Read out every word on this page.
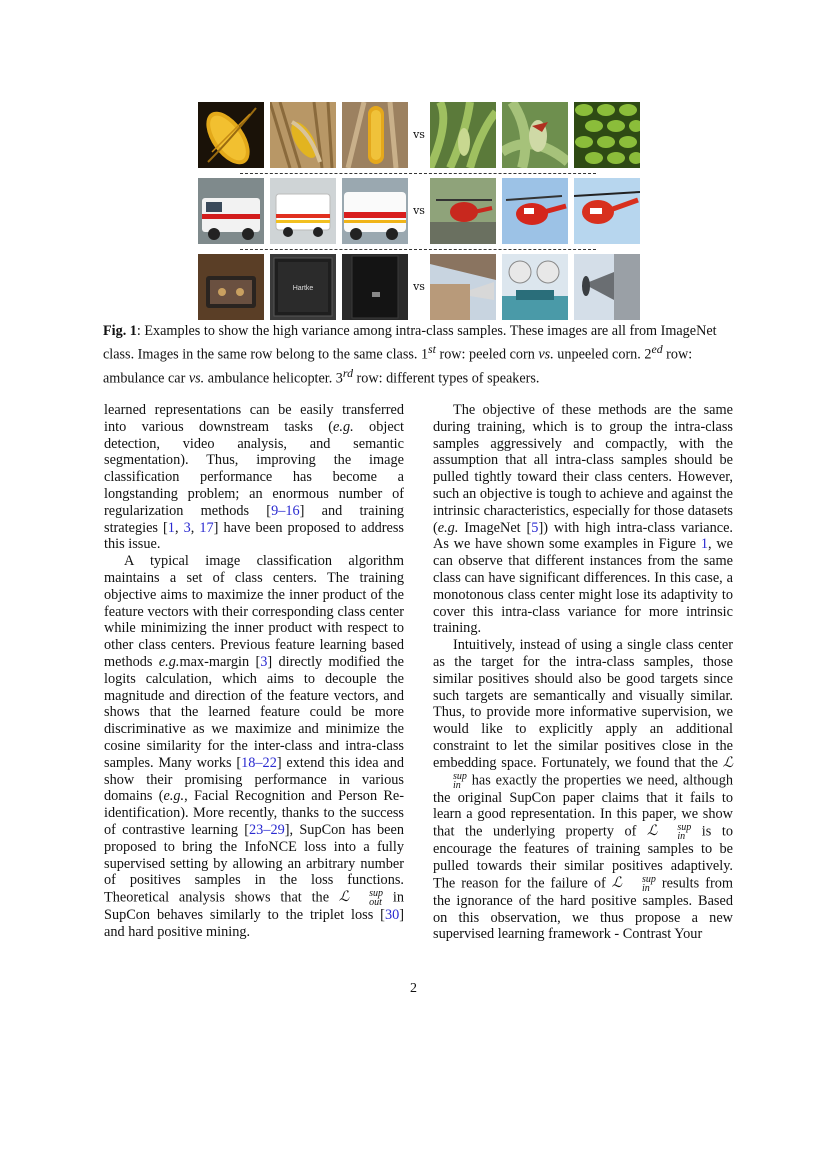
vs
vs
Hartke	vs
Fig. 1: Examples to show the high variance among intra-class samples. These images are all from ImageNet class. Images in the same row belong to the same class. 1st row: peeled corn vs. unpeeled corn. $2^{ed}$ row: ambulance car vs. ambulance helicopter. 3rd row: different types of speakers.

learned representations can be easily transferred into various downstream tasks (e.g. object detection, video analysis, and semantic segmentation). Thus, improving the image classification performance has become a longstanding problem; an enormous number of regularization methods [9–16] and training strategies [1, 3, 17] have been proposed to address this issue.

A typical image classification algorithm maintains a set of class centers. The training objective aims to maximize the inner product of the feature vectors with their corresponding class center while minimizing the inner product with respect to other class centers. Previous feature learning based methods e.g.max-margin [3] directly modified the logits calculation, which aims to decouple the magnitude and direction of the feature vectors, and shows that the learned feature could be more discriminative as we maximize and minimize the cosine similarity for the inter-class and intra-class samples. Many works [18–22] extend this idea and show their promising performance in various domains (e.g., Facial Recognition and Person Re-identification). More recently, thanks to the success of contrastive learning [23–29], SupCon has been proposed to bring the InfoNCE loss into a fully supervised setting by allowing an arbitrary number of positives samples in the loss functions. Theoretical analysis shows that the ℒ	sup
out in SupCon behaves similarly to the triplet loss [30] and hard positive mining.

The objective of these methods are the same during training, which is to group the intra-class samples aggressively and compactly, with the assumption that all intra-class samples should be pulled tightly toward their class centers. However, such an objective is tough to achieve and against the intrinsic characteristics, especially for those datasets (e.g. ImageNet [5]) with high intra-class variance. As we have shown some examples in Figure 1, we can observe that different instances from the same class can have significant differences. In this case, a monotonous class center might lose its adaptivity to cover this intra-class variance for more intrinsic training.

Intuitively, instead of using a single class center as the target for the intra-class samples, those similar positives should also be good targets since such targets are semantically and visually similar. Thus, to provide more informative supervision, we would like to explicitly apply an additional constraint to let the similar positives close in the embedding space. Fortunately, we found that the ℒ
sup
in has exactly the properties we need, although the original SupCon paper claims that it fails to learn a good representation. In this paper, we show that the underlying property of ℒ	sup
in is to encourage the features of training samples to be pulled towards their similar positives adaptively. The reason for the failure of ℒ	sup
in results from the ignorance of the hard positive samples. Based on this observation, we thus propose a new supervised learning framework - Contrast Your

2
